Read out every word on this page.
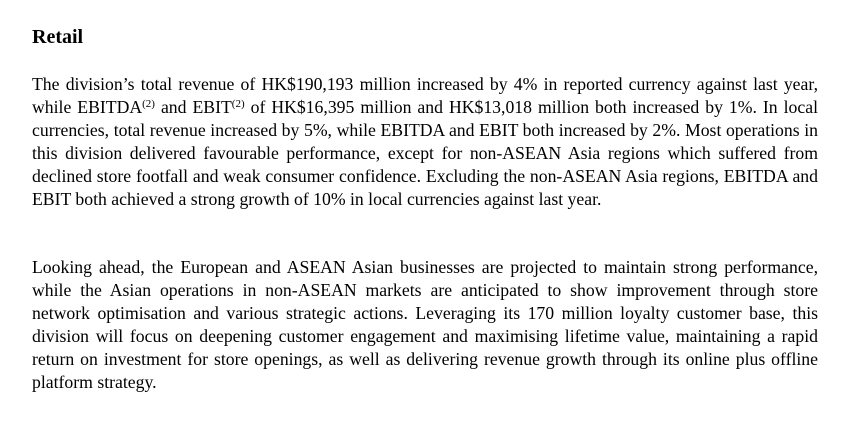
Retail

The division’s total revenue of HK$190,193 million increased by 4% in reported currency against last year, while EBITDA$^{(2)}$ and EBIT$^{(2)}$ of HK$16,395 million and HK$13,018 million both increased by 1%. In local currencies, total revenue increased by 5%, while EBITDA and EBIT both increased by 2%. Most operations in this division delivered favourable performance, except for non-ASEAN Asia regions which suffered from declined store footfall and weak consumer confidence. Excluding the non-ASEAN Asia regions, EBITDA and EBIT both achieved a strong growth of 10% in local currencies against last year.

Looking ahead, the European and ASEAN Asian businesses are projected to maintain strong performance, while the Asian operations in non-ASEAN markets are anticipated to show improvement through store network optimisation and various strategic actions. Leveraging its 170 million loyalty customer base, this division will focus on deepening customer engagement and maximising lifetime value, maintaining a rapid return on investment for store openings, as well as delivering revenue growth through its online plus offline platform strategy.
